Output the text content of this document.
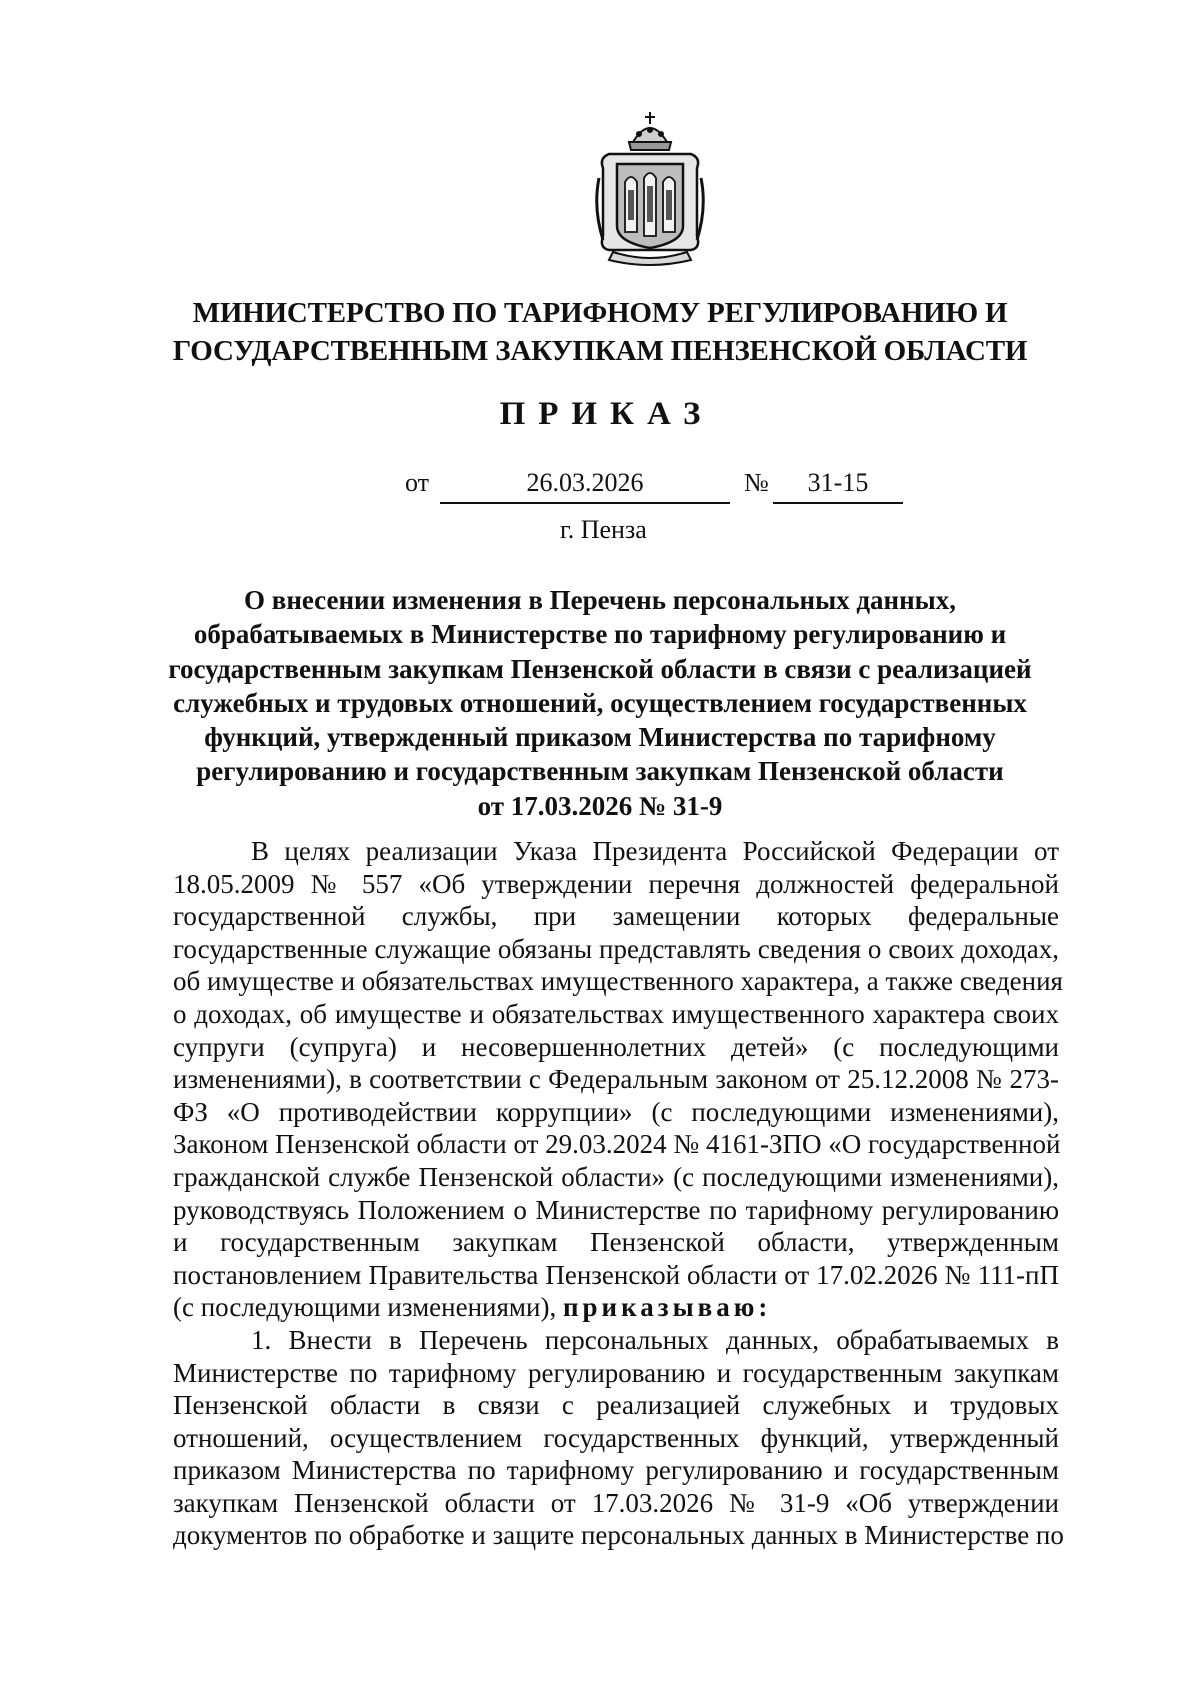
МИНИСТЕРСТВО ПО ТАРИФНОМУ РЕГУЛИРОВАНИЮ И
ГОСУДАРСТВЕННЫМ ЗАКУПКАМ ПЕНЗЕНСКОЙ ОБЛАСТИ
ПРИКАЗ
от	26.03.2026	№	31-15
г. Пенза
О внесении изменения в Перечень персональных данных,
обрабатываемых в Министерстве по тарифному регулированию и
государственным закупкам Пензенской области в связи с реализацией
служебных и трудовых отношений, осуществлением государственных
функций, утвержденный приказом Министерства по тарифному
регулированию и государственным закупкам Пензенской области
от 17.03.2026 № 31-9
В целях реализации Указа Президента Российской Федерации от
18.05.2009 № 557 «Об утверждении перечня должностей федеральной
государственной службы, при замещении которых федеральные
государственные служащие обязаны представлять сведения о своих доходах,
об имуществе и обязательствах имущественного характера, а также сведения
о доходах, об имуществе и обязательствах имущественного характера своих
супруги (супруга) и несовершеннолетних детей» (с последующими
изменениями), в соответствии с Федеральным законом от 25.12.2008 № 273-
ФЗ «О противодействии коррупции» (с последующими изменениями),
Законом Пензенской области от 29.03.2024 № 4161-ЗПО «О государственной
гражданской службе Пензенской области» (с последующими изменениями),
руководствуясь Положением о Министерстве по тарифному регулированию
и государственным закупкам Пензенской области, утвержденным
постановлением Правительства Пензенской области от 17.02.2026 № 111-пП
(с последующими изменениями), приказываю:
1. Внести в Перечень персональных данных, обрабатываемых в
Министерстве по тарифному регулированию и государственным закупкам
Пензенской области в связи с реализацией служебных и трудовых
отношений, осуществлением государственных функций, утвержденный
приказом Министерства по тарифному регулированию и государственным
закупкам Пензенской области от 17.03.2026 № 31-9 «Об утверждении
документов по обработке и защите персональных данных в Министерстве по
